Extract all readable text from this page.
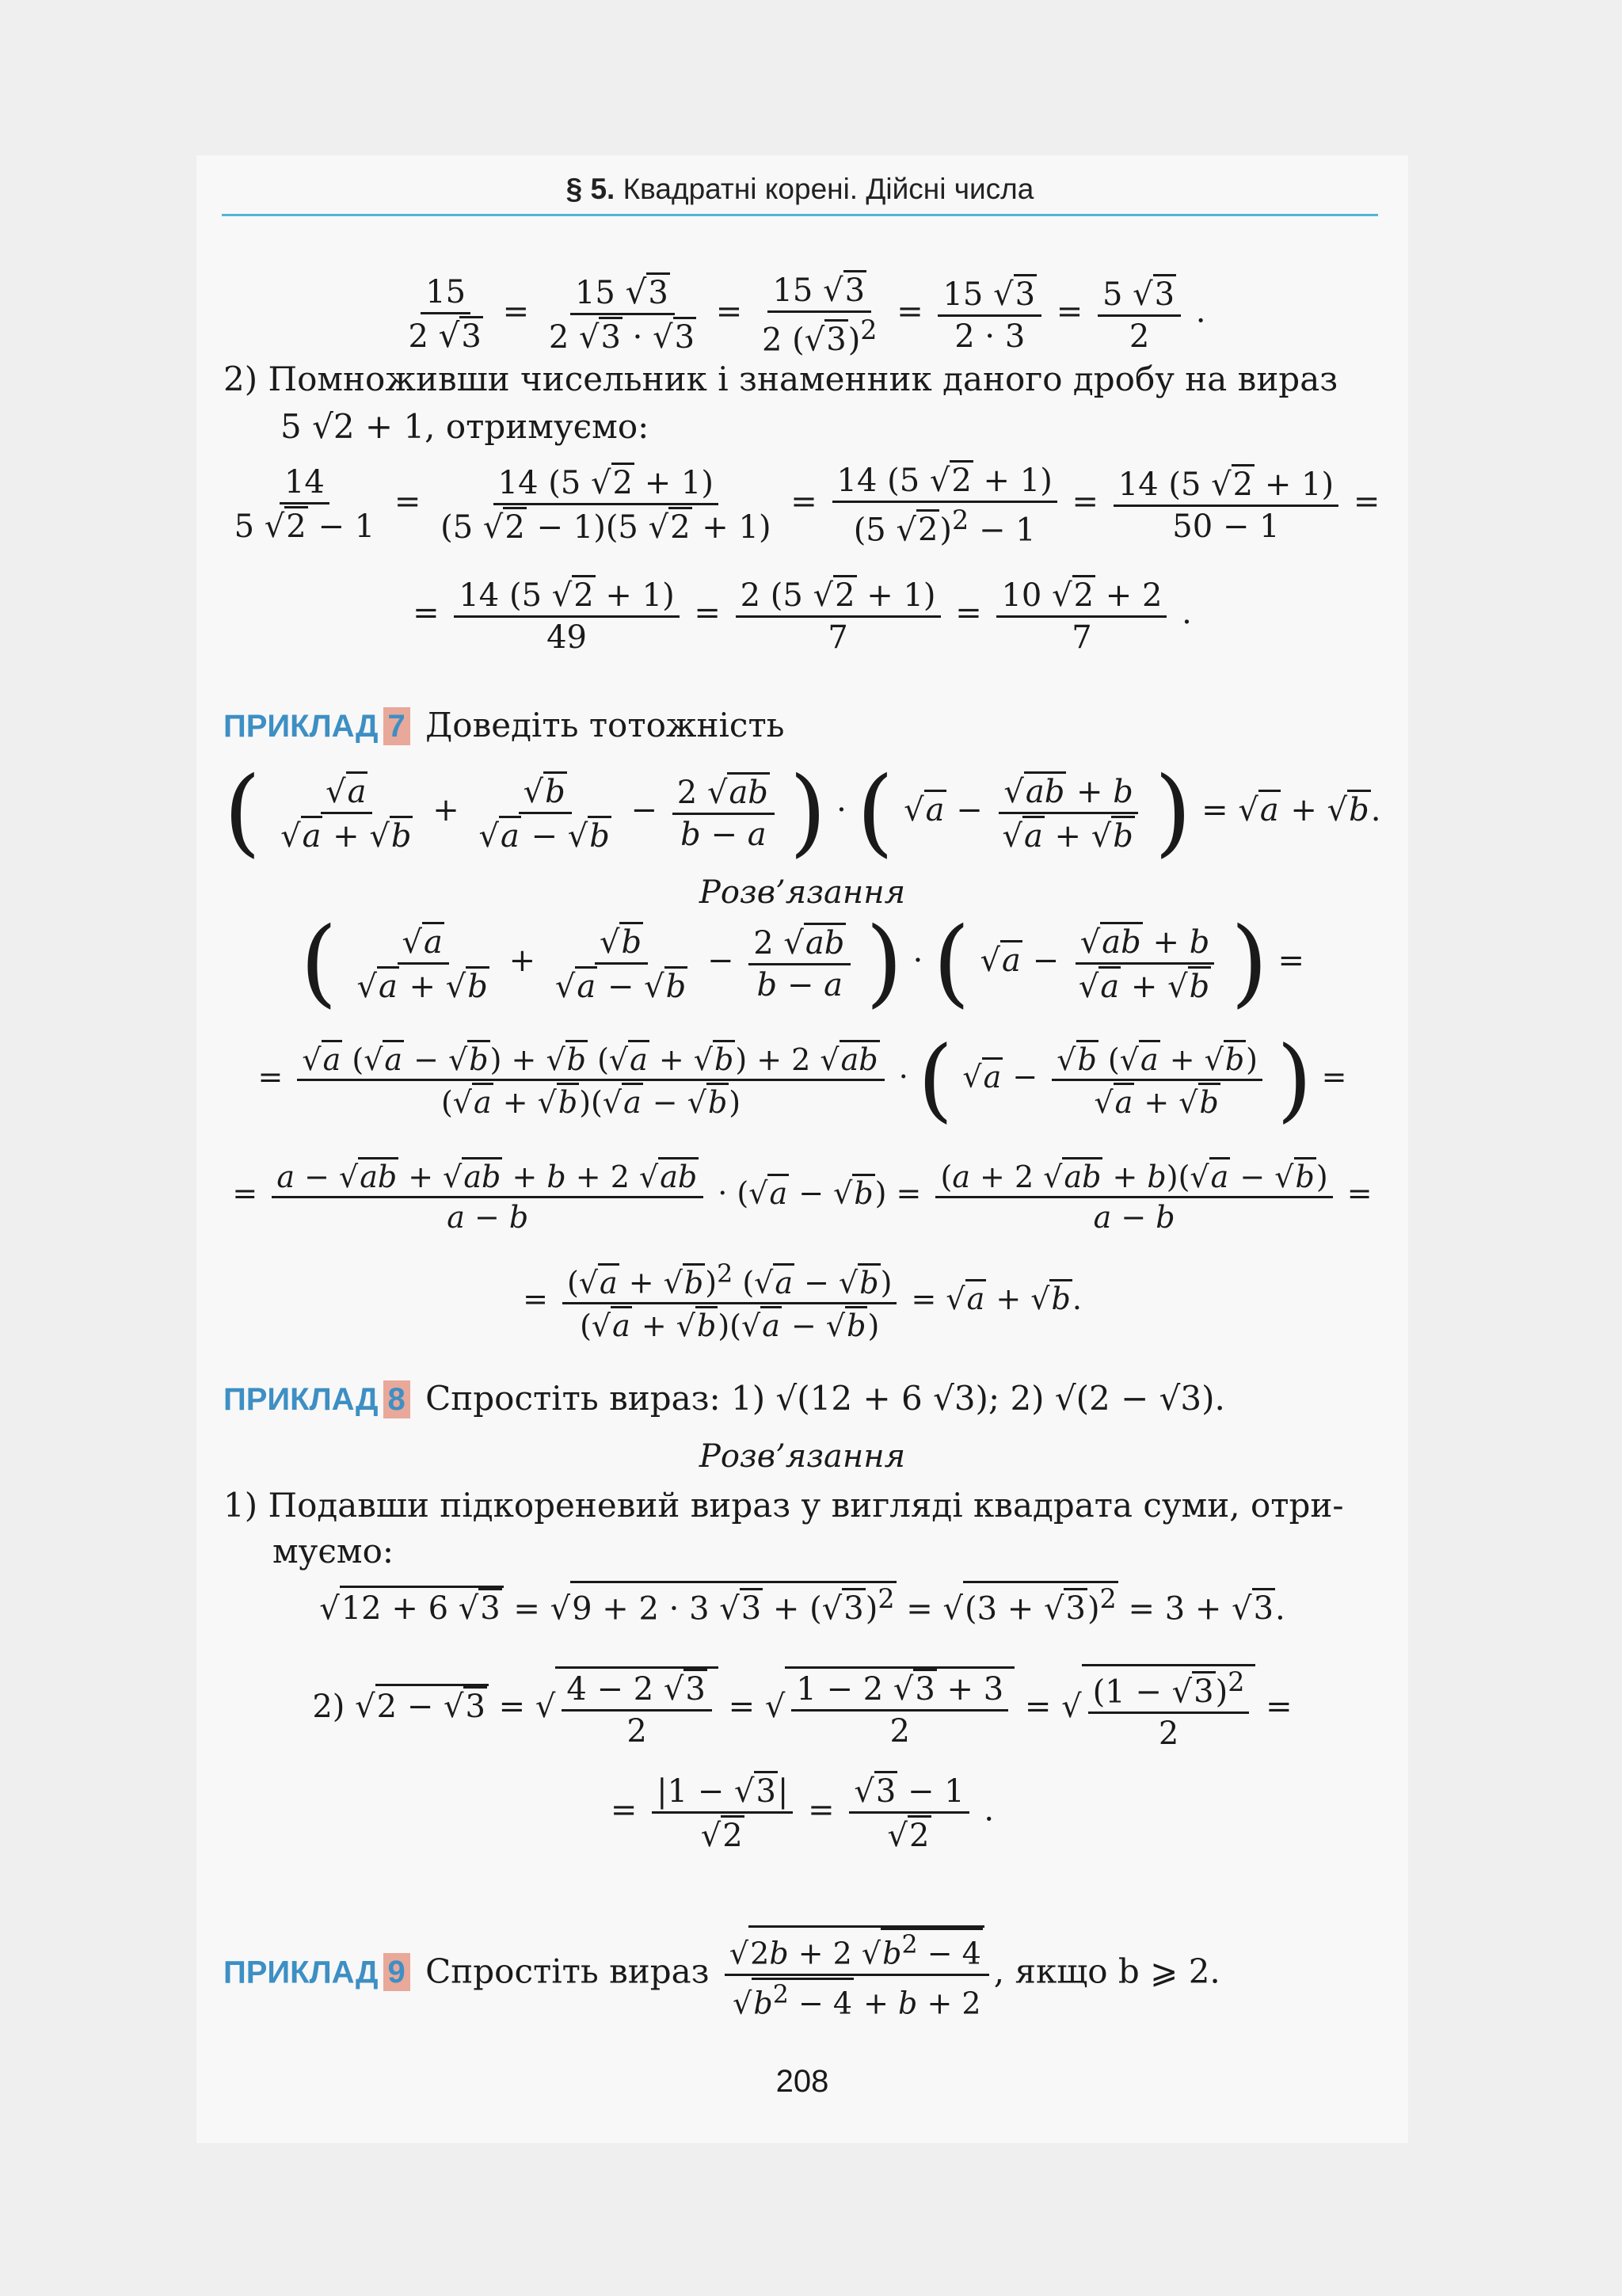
§ 5. Квадратні корені. Дійсні числа
$\frac{15}{2 √3} = \frac{15 √3}{2 √3 \cdot √3} = \frac{15 √3}{2 (√3)^2} = \frac{15 √3}{2 \cdot 3} = \frac{5 √3}{2}$ .
2) Помноживши чисельник і знаменник даного дробу на вираз
5 √2 + 1, отримуємо:
$\frac{14}{5 √2 - 1} = \frac{14 (5 √2 + 1)}{(5 √2 - 1)(5 √2 + 1)} = \frac{14 (5 √2 + 1)}{(5 √2)^2 - 1} = \frac{14 (5 √2 + 1)}{50 - 1}$ =
= $\frac{14 (5 √2 + 1)}{49} = \frac{2 (5 √2 + 1)}{7} = \frac{10 √2 + 2}{7}$ .
ПРИКЛАД 7 Доведіть тотожність
( $\frac{√a}{√a + √b} + \frac{√b}{√a - √b} - \frac{2 √ab}{b - a}$ ) · ( $√a - \frac{√ab + b}{√a + √b}$ ) = √a + √b.
Розв’язання
( $\frac{√a}{√a + √b} + \frac{√b}{√a - √b} - \frac{2 √ab}{b - a}$ ) · ( $√a - \frac{√ab + b}{√a + √b}$ ) =
= $\frac{√a (√a - √b) + √b (√a + √b) + 2 √ab}{(√a + √b)(√a - √b)}$ · ( $√a - \frac{√b (√a + √b)}{√a + √b}$ ) =
= $\frac{a - √ab + √ab + b + 2 √ab}{a - b} \cdot (√a - √b) = \frac{(a + 2 √ab + b)(√a - √b)}{a - b}$ =
= $\frac{(√a + √b)^2 (√a - √b)}{(√a + √b)(√a - √b)} = √a + √b$.
ПРИКЛАД 8 Спростіть вираз: 1) √(12 + 6 √3); 2) √(2 − √3).
Розв’язання
1) Подавши підкореневий вираз у вигляді квадрата суми, отри-
муємо:
√12 + 6 √3 = √9 + 2 · 3 $√3 + (√3)^2 = √(3 + √3)^2 = 3 + √3$.
2) √2 − √3 = √ $\frac{4 - 2 √3}{2}$ = √ $\frac{1 - 2 √3 + 3}{2}$ = √ $\frac{(1 - √3)^2}{2}$ =
= $\frac{|1 - √3|}{√2} = \frac{√3 - 1}{√2}$ .
ПРИКЛАД 9 Спростіть вираз $\frac{√2b + 2 √b^2 - 4}{√b^2 - 4 + b + 2}$ , якщо b ⩾ 2.
208
